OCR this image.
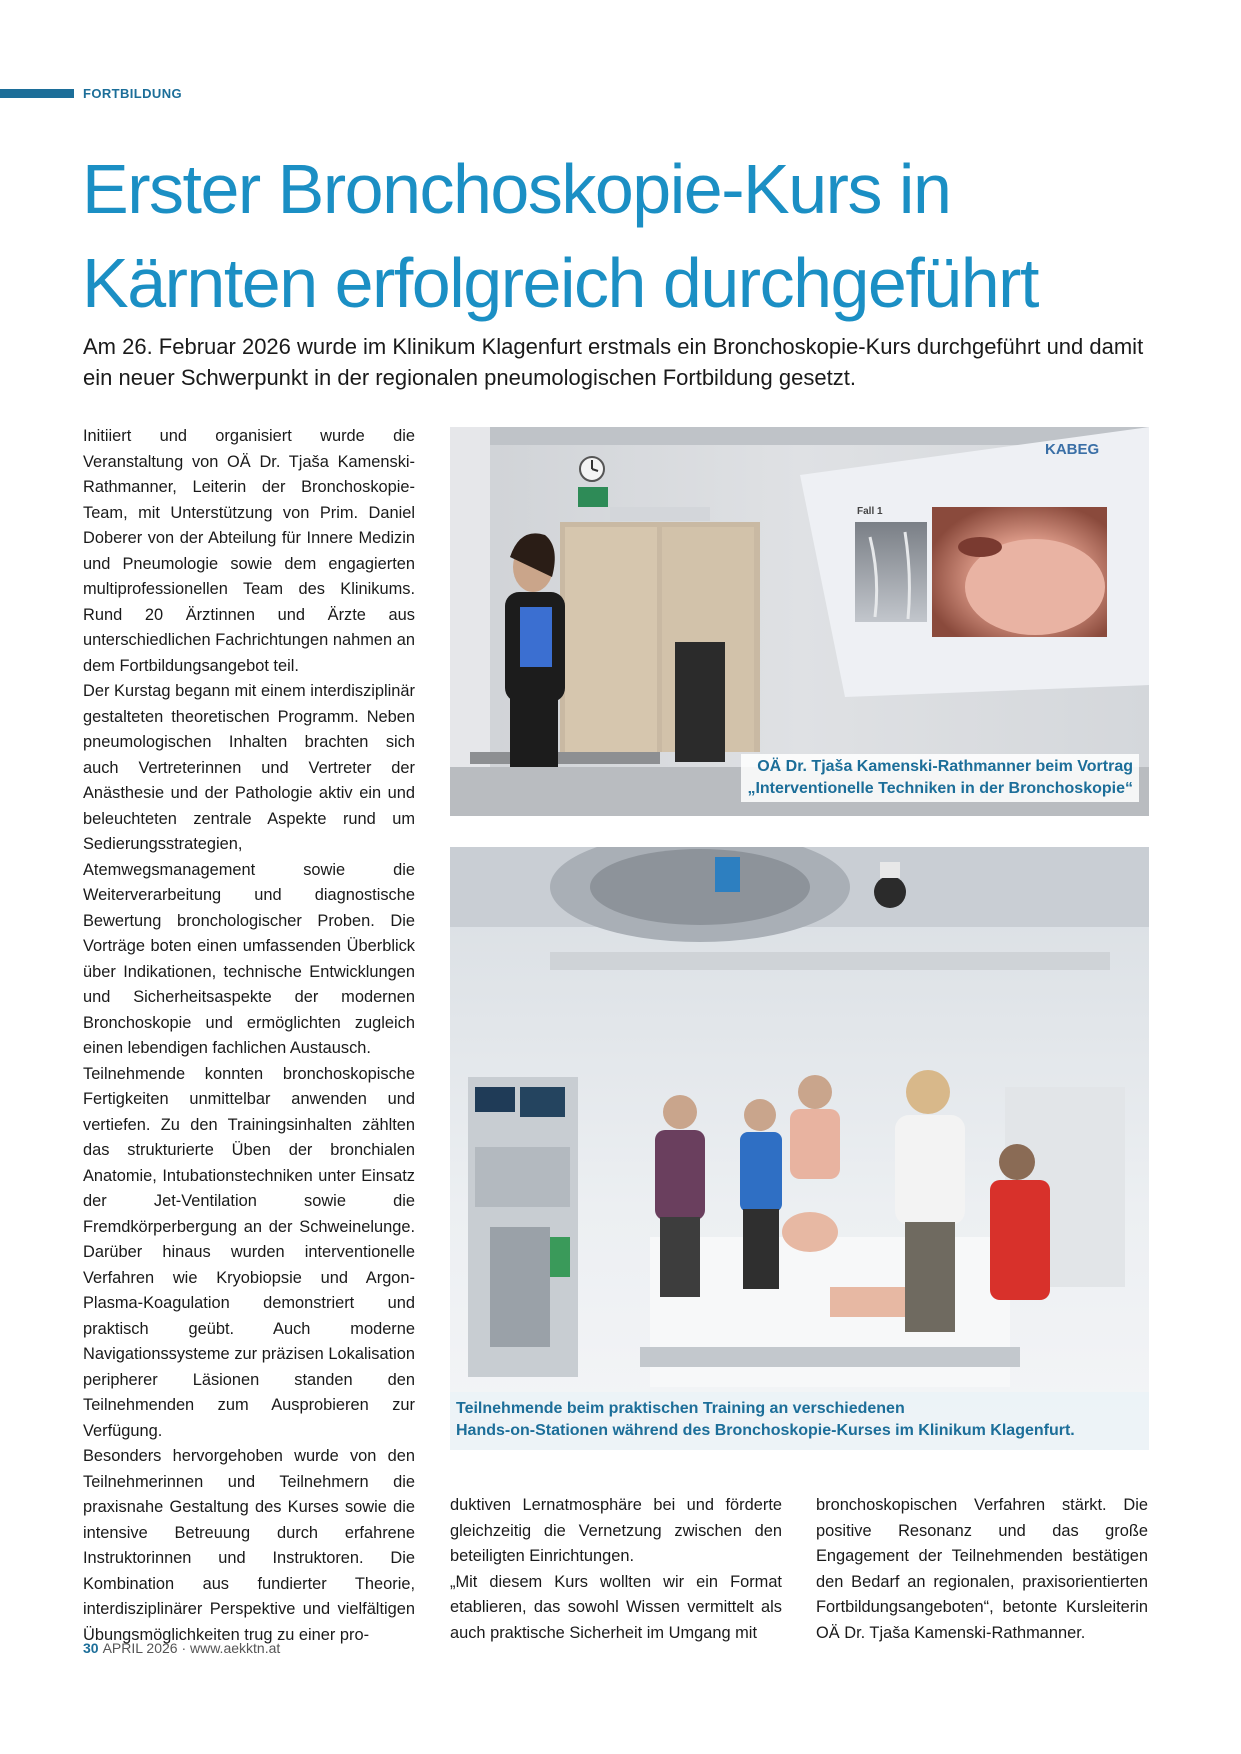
FORTBILDUNG
Erster Bronchoskopie-Kurs in
Kärnten erfolgreich durchgeführt

Am 26. Februar 2026 wurde im Klinikum Klagenfurt erstmals ein Bronchoskopie-Kurs durchgeführt und damit ein neuer Schwerpunkt in der regionalen pneumologischen Fortbildung gesetzt.

Initiiert und organisiert wurde die Veranstaltung von OÄ Dr. Tjaša Kamenski-Rathmanner, Leiterin der Bronchoskopie-Team, mit Unterstützung von Prim. Daniel Doberer von der Abteilung für Innere Medizin und Pneumologie sowie dem engagierten multiprofessionellen Team des Klinikums. Rund 20 Ärztinnen und Ärzte aus unterschiedlichen Fachrichtungen nahmen an dem Fortbildungsangebot teil.

Der Kurstag begann mit einem interdisziplinär gestalteten theoretischen Programm. Neben pneumologischen Inhalten brachten sich auch Vertreterinnen und Vertreter der Anästhesie und der Pathologie aktiv ein und beleuchteten zentrale Aspekte rund um Sedierungsstrategien, Atemwegsmanagement sowie die Weiterverarbeitung und diagnostische Bewertung bronchologischer Proben. Die Vorträge boten einen umfassenden Überblick über Indikationen, technische Entwicklungen und Sicherheitsaspekte der modernen Bronchoskopie und ermöglichten zugleich einen lebendigen fachlichen Austausch.

Teilnehmende konnten bronchoskopische Fertigkeiten unmittelbar anwenden und vertiefen. Zu den Trainingsinhalten zählten das strukturierte Üben der bronchialen Anatomie, Intubationstechniken unter Einsatz der Jet-Ventilation sowie die Fremdkörperbergung an der Schweinelunge. Darüber hinaus wurden interventionelle Verfahren wie Kryobiopsie und Argon-Plasma-Koagulation demonstriert und praktisch geübt. Auch moderne Navigationssysteme zur präzisen Lokalisation peripherer Läsionen standen den Teilnehmenden zum Ausprobieren zur Verfügung.

Besonders hervorgehoben wurde von den Teilnehmerinnen und Teilnehmern die praxisnahe Gestaltung des Kurses sowie die intensive Betreuung durch erfahrene Instruktorinnen und Instruktoren. Die Kombination aus fundierter Theorie, interdisziplinärer Perspektive und vielfältigen Übungsmöglichkeiten trug zu einer pro-

KABEG
Fall 1
OÄ Dr. Tjaša Kamenski-Rathmanner beim Vortrag
„Interventionelle Techniken in der Bronchoskopie“
Teilnehmende beim praktischen Training an verschiedenen
Hands-on-Stationen während des Bronchoskopie-Kurses im Klinikum Klagenfurt.

duktiven Lernatmosphäre bei und förderte gleichzeitig die Vernetzung zwischen den beteiligten Einrichtungen.

„Mit diesem Kurs wollten wir ein Format etablieren, das sowohl Wissen vermittelt als auch praktische Sicherheit im Umgang mit

bronchoskopischen Verfahren stärkt. Die positive Resonanz und das große Engagement der Teilnehmenden bestätigen den Bedarf an regionalen, praxisorientierten Fortbildungsangeboten“, betonte Kursleiterin OÄ Dr. Tjaša Kamenski-Rathmanner.

30 APRIL 2026 · www.aekktn.at
